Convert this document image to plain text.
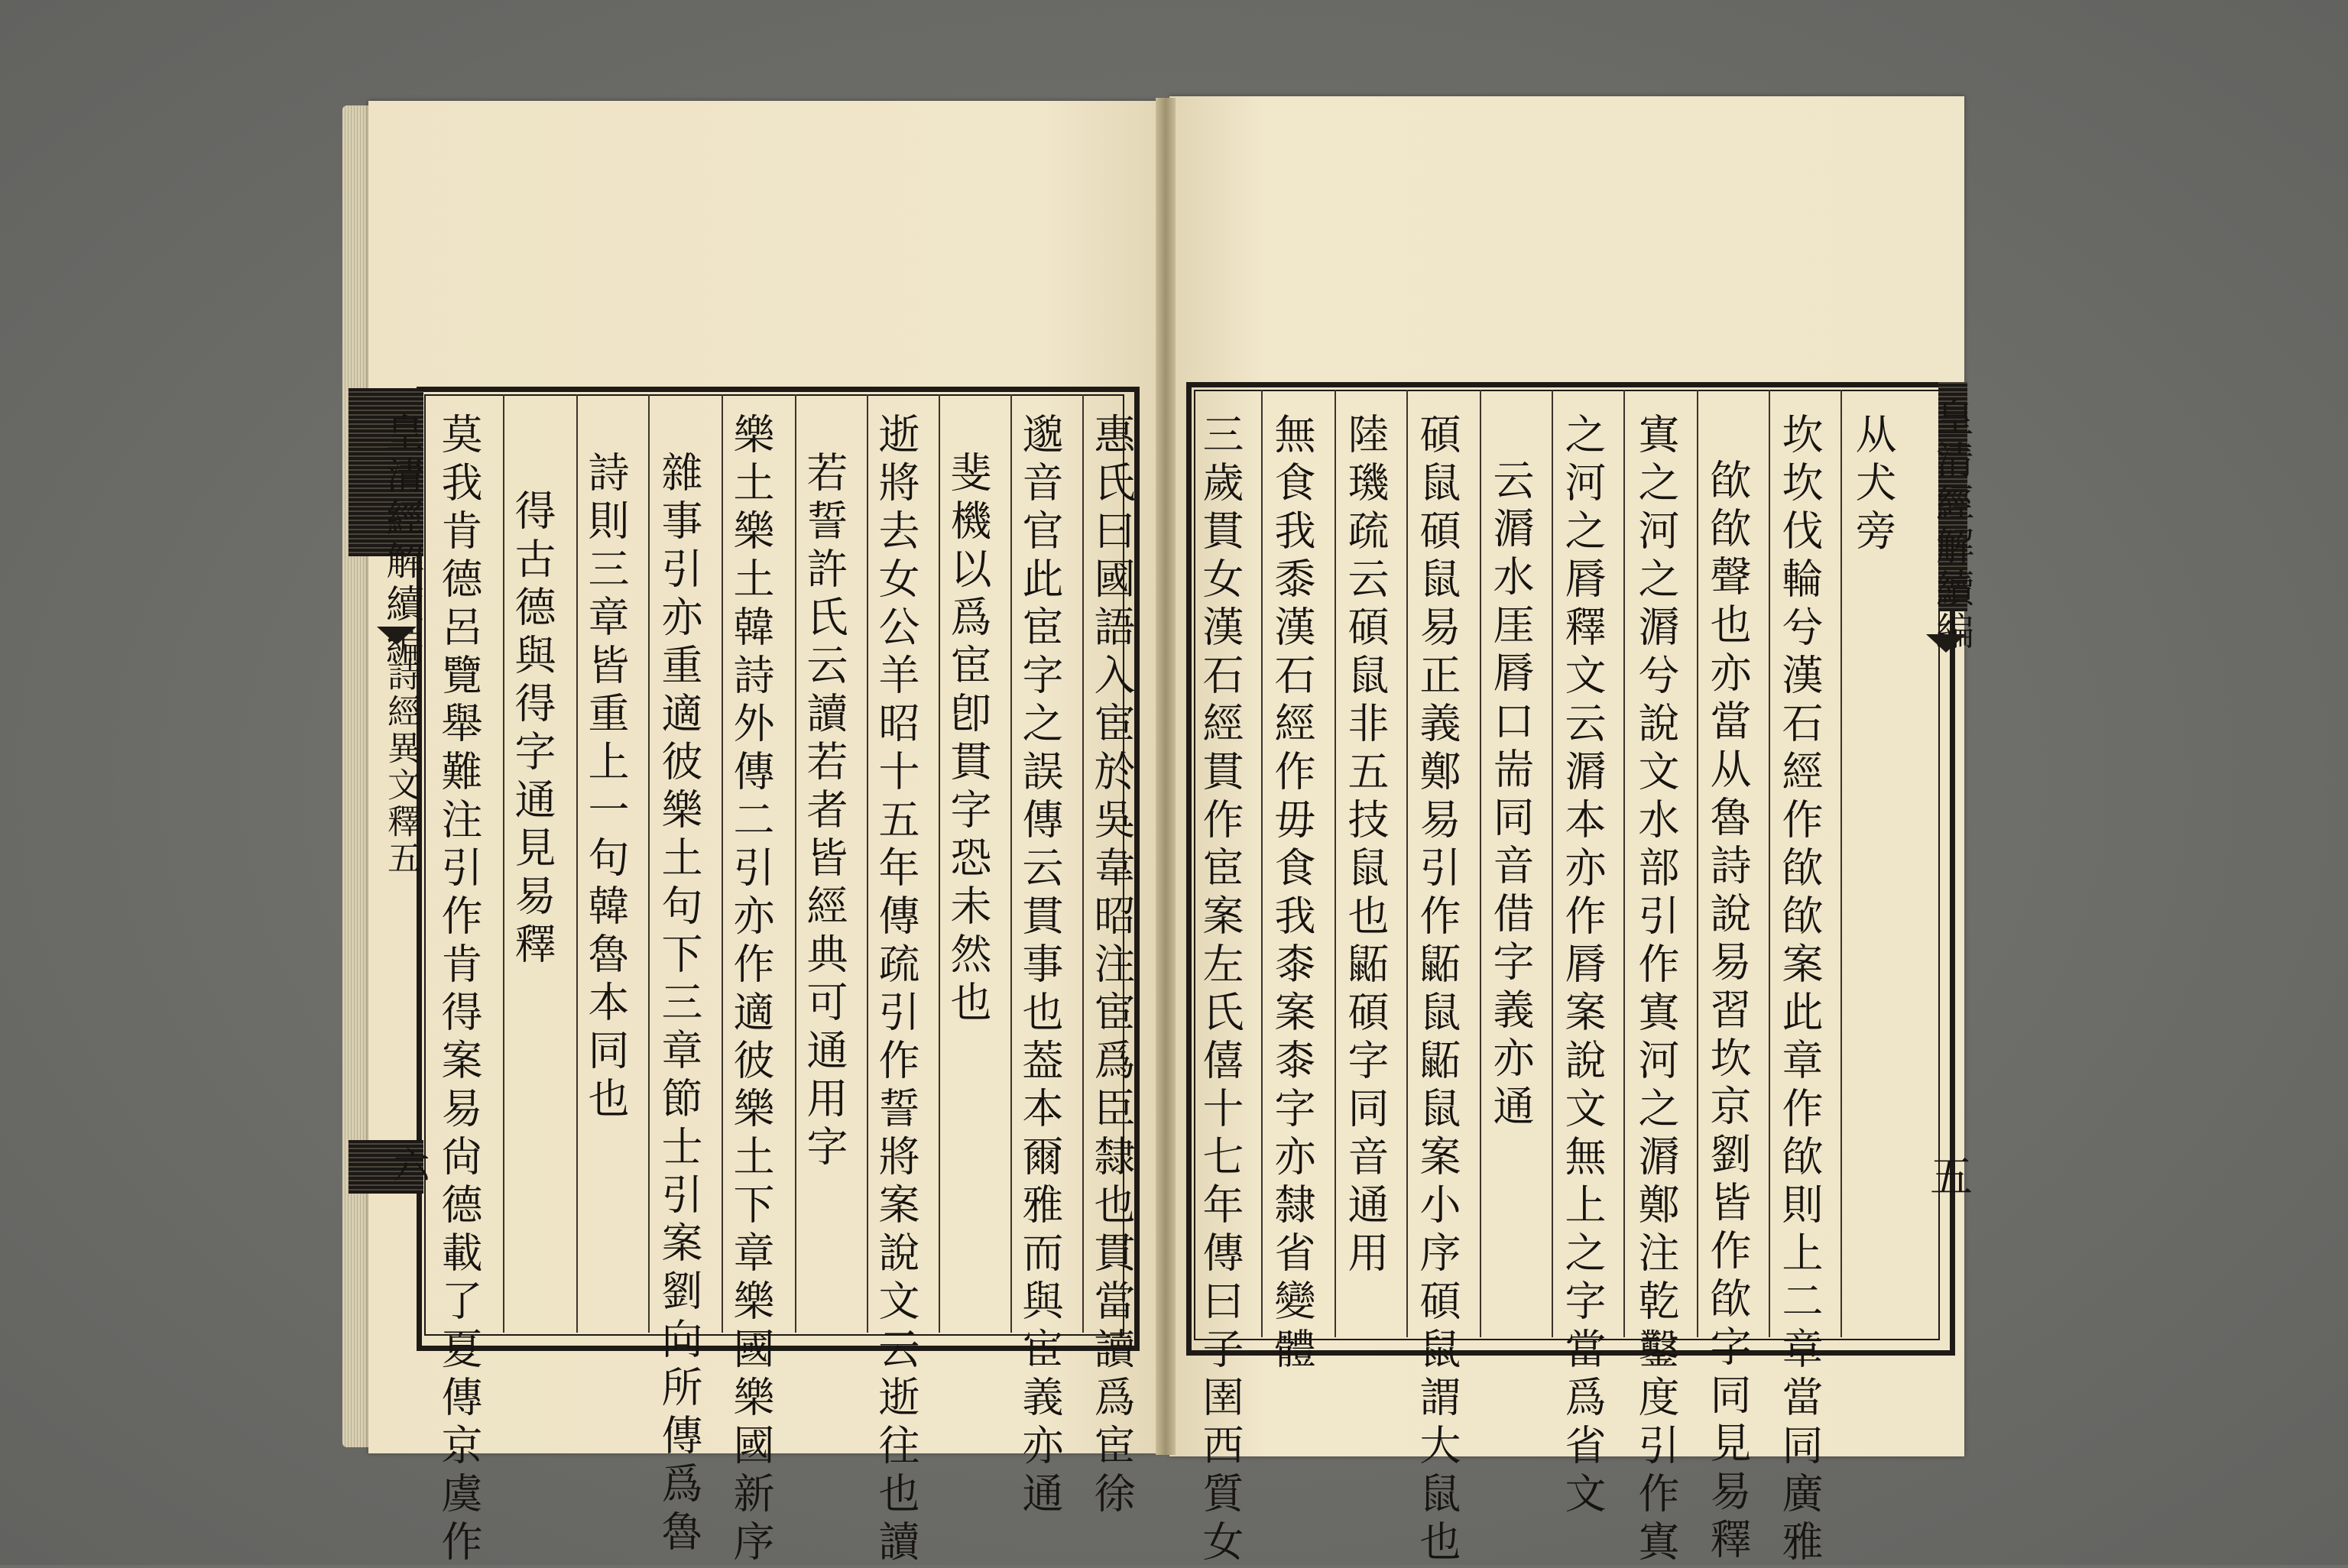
皇清經解續編
詩經異文釋五
六	惠氏曰國語入宦於吳韋昭注宦爲臣隸也貫當讀爲宦徐
邈音官此宦字之誤傳云貫事也葢本爾雅而與宦義亦通
斐機以爲宦卽貫字恐未然也
逝將去女公羊昭十五年傳疏引作誓將案說文云逝往也讀
若誓許氏云讀若者皆經典可通用字
樂土樂土韓詩外傳二引亦作適彼樂土下章樂國樂國新序
雜事引亦重適彼樂土句下三章節士引案劉向所傳爲魯
詩則三章皆重上一句韓魯本同也
得古德與得字通見易釋
莫我肯德呂覽舉難注引作肯得案易尙德載了夏傳京虞作	皇清經解續編
五
从犬旁
坎坎伐輪兮漢石經作欿欿案此章作欿則上二章當同廣雅
欿欿聲也亦當从魯詩說易習坎京劉皆作欿字同見易釋
寘之河之漘兮說文水部引作寘河之漘鄭注乾鑿度引作寘
之河之脣釋文云漘本亦作脣案說文無上之字當爲省文
云漘水厓脣口耑同音借字義亦通
碩鼠碩鼠易正義鄭易引作鼫鼠鼫鼠案小序碩鼠謂大鼠也
陸璣疏云碩鼠非五技鼠也鼫碩字同音通用
無食我黍漢石經作毋食我桼案桼字亦隸省變體
三歲貫女漢石經貫作宦案左氏僖十七年傳曰子圉西質女
